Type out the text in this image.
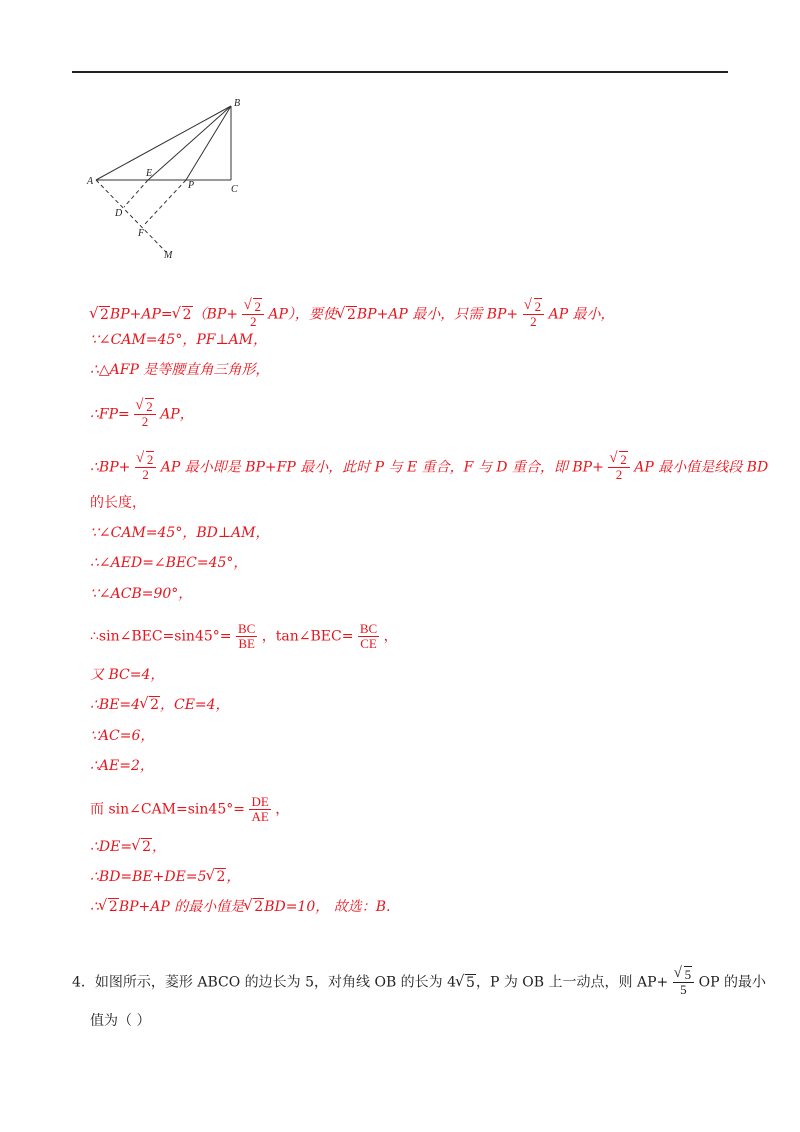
A
B
C
D
E
F
P
M
√ 2BP+AP= √ 2（BP+ √ $\frac{2}{2} AP$），要使 √ 2BP+AP 最小，只需 BP+ √ $\frac{2}{2}$ AP 最小，
∵∠CAM=45°，PF⊥AM，
∴△AFP 是等腰直角三角形，
∴FP= √ $\frac{2}{2}$ AP，
∴BP+ √ $\frac{2}{2}$ AP 最小即是 BP+FP 最小，此时 P 与 E 重合，F 与 D 重合，即 BP+ √ $\frac{2}{2}$ AP 最小值是线段 BD
的长度，
∵∠CAM=45°，BD⊥AM，
∴∠AED=∠BEC=45°，
∵∠ACB=90°，
∴sin∠BEC=sin45°= $\frac{BC}{BE}$ ，tan∠BEC= $\frac{BC}{CE}$ ，
又 BC=4，
∴BE=4 √ 2，CE=4，
∵AC=6，
∴AE=2，
而 sin∠CAM=sin45°= $\frac{DE}{AE}$ ，
∴DE= √ 2，
∴BD=BE+DE=5 √ 2，
∴ √ 2BP+AP 的最小值是 √ 2BD=10， 故选：B.
4．如图所示，菱形 ABCO 的边长为 5，对角线 OB 的长为 4 √ 5，P 为 OB 上一动点，则 AP+ √ $\frac{5}{5}$ OP 的最小
值为（ ）
